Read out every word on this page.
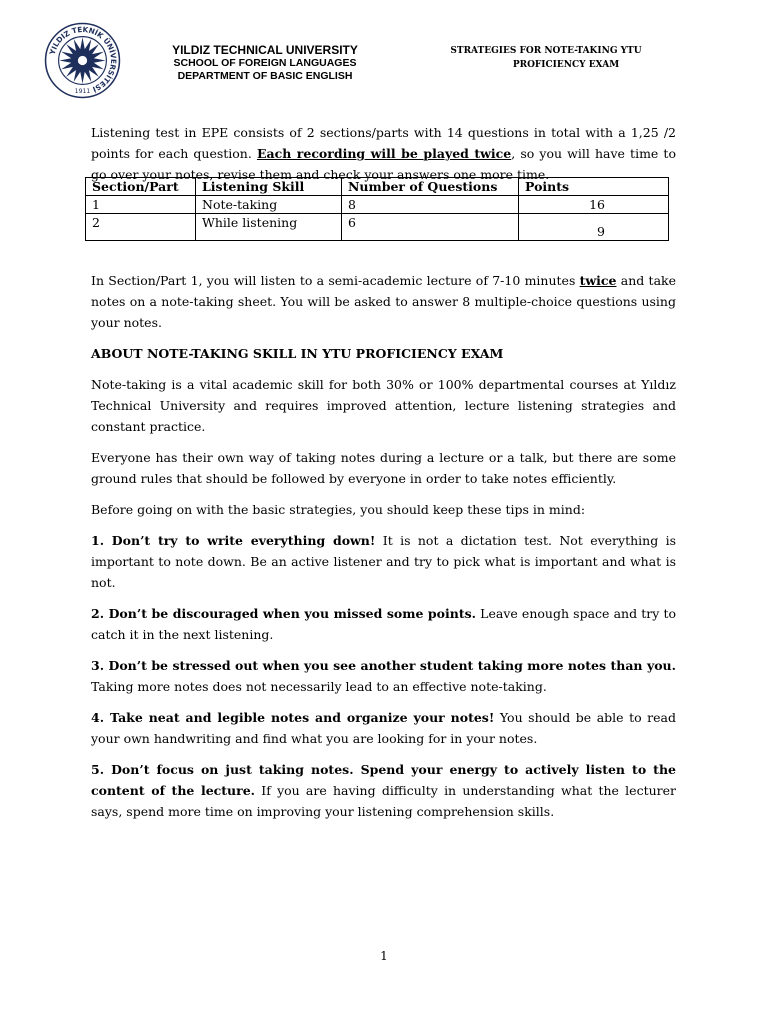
YILDIZ TEKNİK ÜNİVERSİTESİ
1911
YILDIZ TECHNICAL UNIVERSITY
SCHOOL OF FOREIGN LANGUAGES
DEPARTMENT OF BASIC ENGLISH
STRATEGIES FOR NOTE-TAKING YTU
PROFICIENCY EXAM

Listening test in EPE consists of 2 sections/parts with 14 questions in total with a 1,25 /2 points for each question. Each recording will be played twice, so you will have time to go over your notes, revise them and check your answers one more time.

Section/Part	Listening Skill	Number of Questions	Points
1	Note-taking	8	16
2	While listening	6	9

In Section/Part 1, you will listen to a semi-academic lecture of 7-10 minutes twice and take notes on a note-taking sheet. You will be asked to answer 8 multiple-choice questions using your notes.

ABOUT NOTE-TAKING SKILL IN YTU PROFICIENCY EXAM

Note-taking is a vital academic skill for both 30% or 100% departmental courses at Yıldız Technical University and requires improved attention, lecture listening strategies and constant practice.

Everyone has their own way of taking notes during a lecture or a talk, but there are some ground rules that should be followed by everyone in order to take notes efficiently.

Before going on with the basic strategies, you should keep these tips in mind:

1. Don’t try to write everything down! It is not a dictation test. Not everything is important to note down. Be an active listener and try to pick what is important and what is not.

2. Don’t be discouraged when you missed some points. Leave enough space and try to catch it in the next listening.

3. Don’t be stressed out when you see another student taking more notes than you. Taking more notes does not necessarily lead to an effective note-taking.

4. Take neat and legible notes and organize your notes! You should be able to read your own handwriting and find what you are looking for in your notes.

5. Don’t focus on just taking notes. Spend your energy to actively listen to the content of the lecture. If you are having difficulty in understanding what the lecturer says, spend more time on improving your listening comprehension skills.

1
